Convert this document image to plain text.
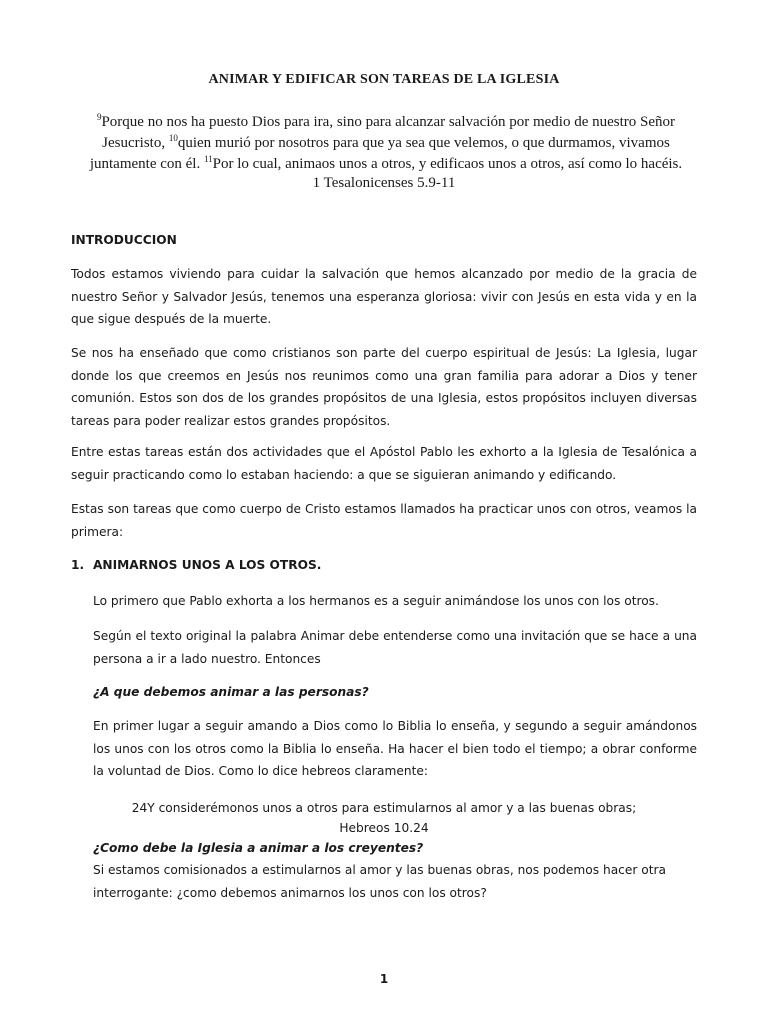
ANIMAR Y EDIFICAR SON TAREAS DE LA IGLESIA
$^9$Porque no nos ha puesto Dios para ira, sino para alcanzar salvación por medio de nuestro Señor Jesucristo, $^{10}$quien murió por nosotros para que ya sea que velemos, o que durmamos, vivamos juntamente con él. $^{11}$Por lo cual, animaos unos a otros, y edificaos unos a otros, así como lo hacéis.
1 Tesalonicenses 5.9-11
INTRODUCCION
Todos estamos viviendo para cuidar la salvación que hemos alcanzado por medio de la gracia de nuestro Señor y Salvador Jesús, tenemos una esperanza gloriosa: vivir con Jesús en esta vida y en la que sigue después de la muerte.
Se nos ha enseñado que como cristianos son parte del cuerpo espiritual de Jesús: La Iglesia, lugar donde los que creemos en Jesús nos reunimos como una gran familia para adorar a Dios y tener comunión. Estos son dos de los grandes propósitos de una Iglesia, estos propósitos incluyen diversas tareas para poder realizar estos grandes propósitos.
Entre estas tareas están dos actividades que el Apóstol Pablo les exhorto a la Iglesia de Tesalónica a seguir practicando como lo estaban haciendo: a que se siguieran animando y edificando.
Estas son tareas que como cuerpo de Cristo estamos llamados ha practicar unos con otros, veamos la primera:
1. ANIMARNOS UNOS A LOS OTROS.
Lo primero que Pablo exhorta a los hermanos es a seguir animándose los unos con los otros.
Según el texto original la palabra Animar debe entenderse como una invitación que se hace a una persona a ir a lado nuestro. Entonces
¿A que debemos animar a las personas?
En primer lugar a seguir amando a Dios como lo Biblia lo enseña, y segundo a seguir amándonos los unos con los otros como la Biblia lo enseña. Ha hacer el bien todo el tiempo; a obrar conforme la voluntad de Dios. Como lo dice hebreos claramente:
24Y considerémonos unos a otros para estimularnos al amor y a las buenas obras;
Hebreos 10.24
¿Como debe la Iglesia a animar a los creyentes?
Si estamos comisionados a estimularnos al amor y las buenas obras, nos podemos hacer otra interrogante: ¿como debemos animarnos los unos con los otros?
1
